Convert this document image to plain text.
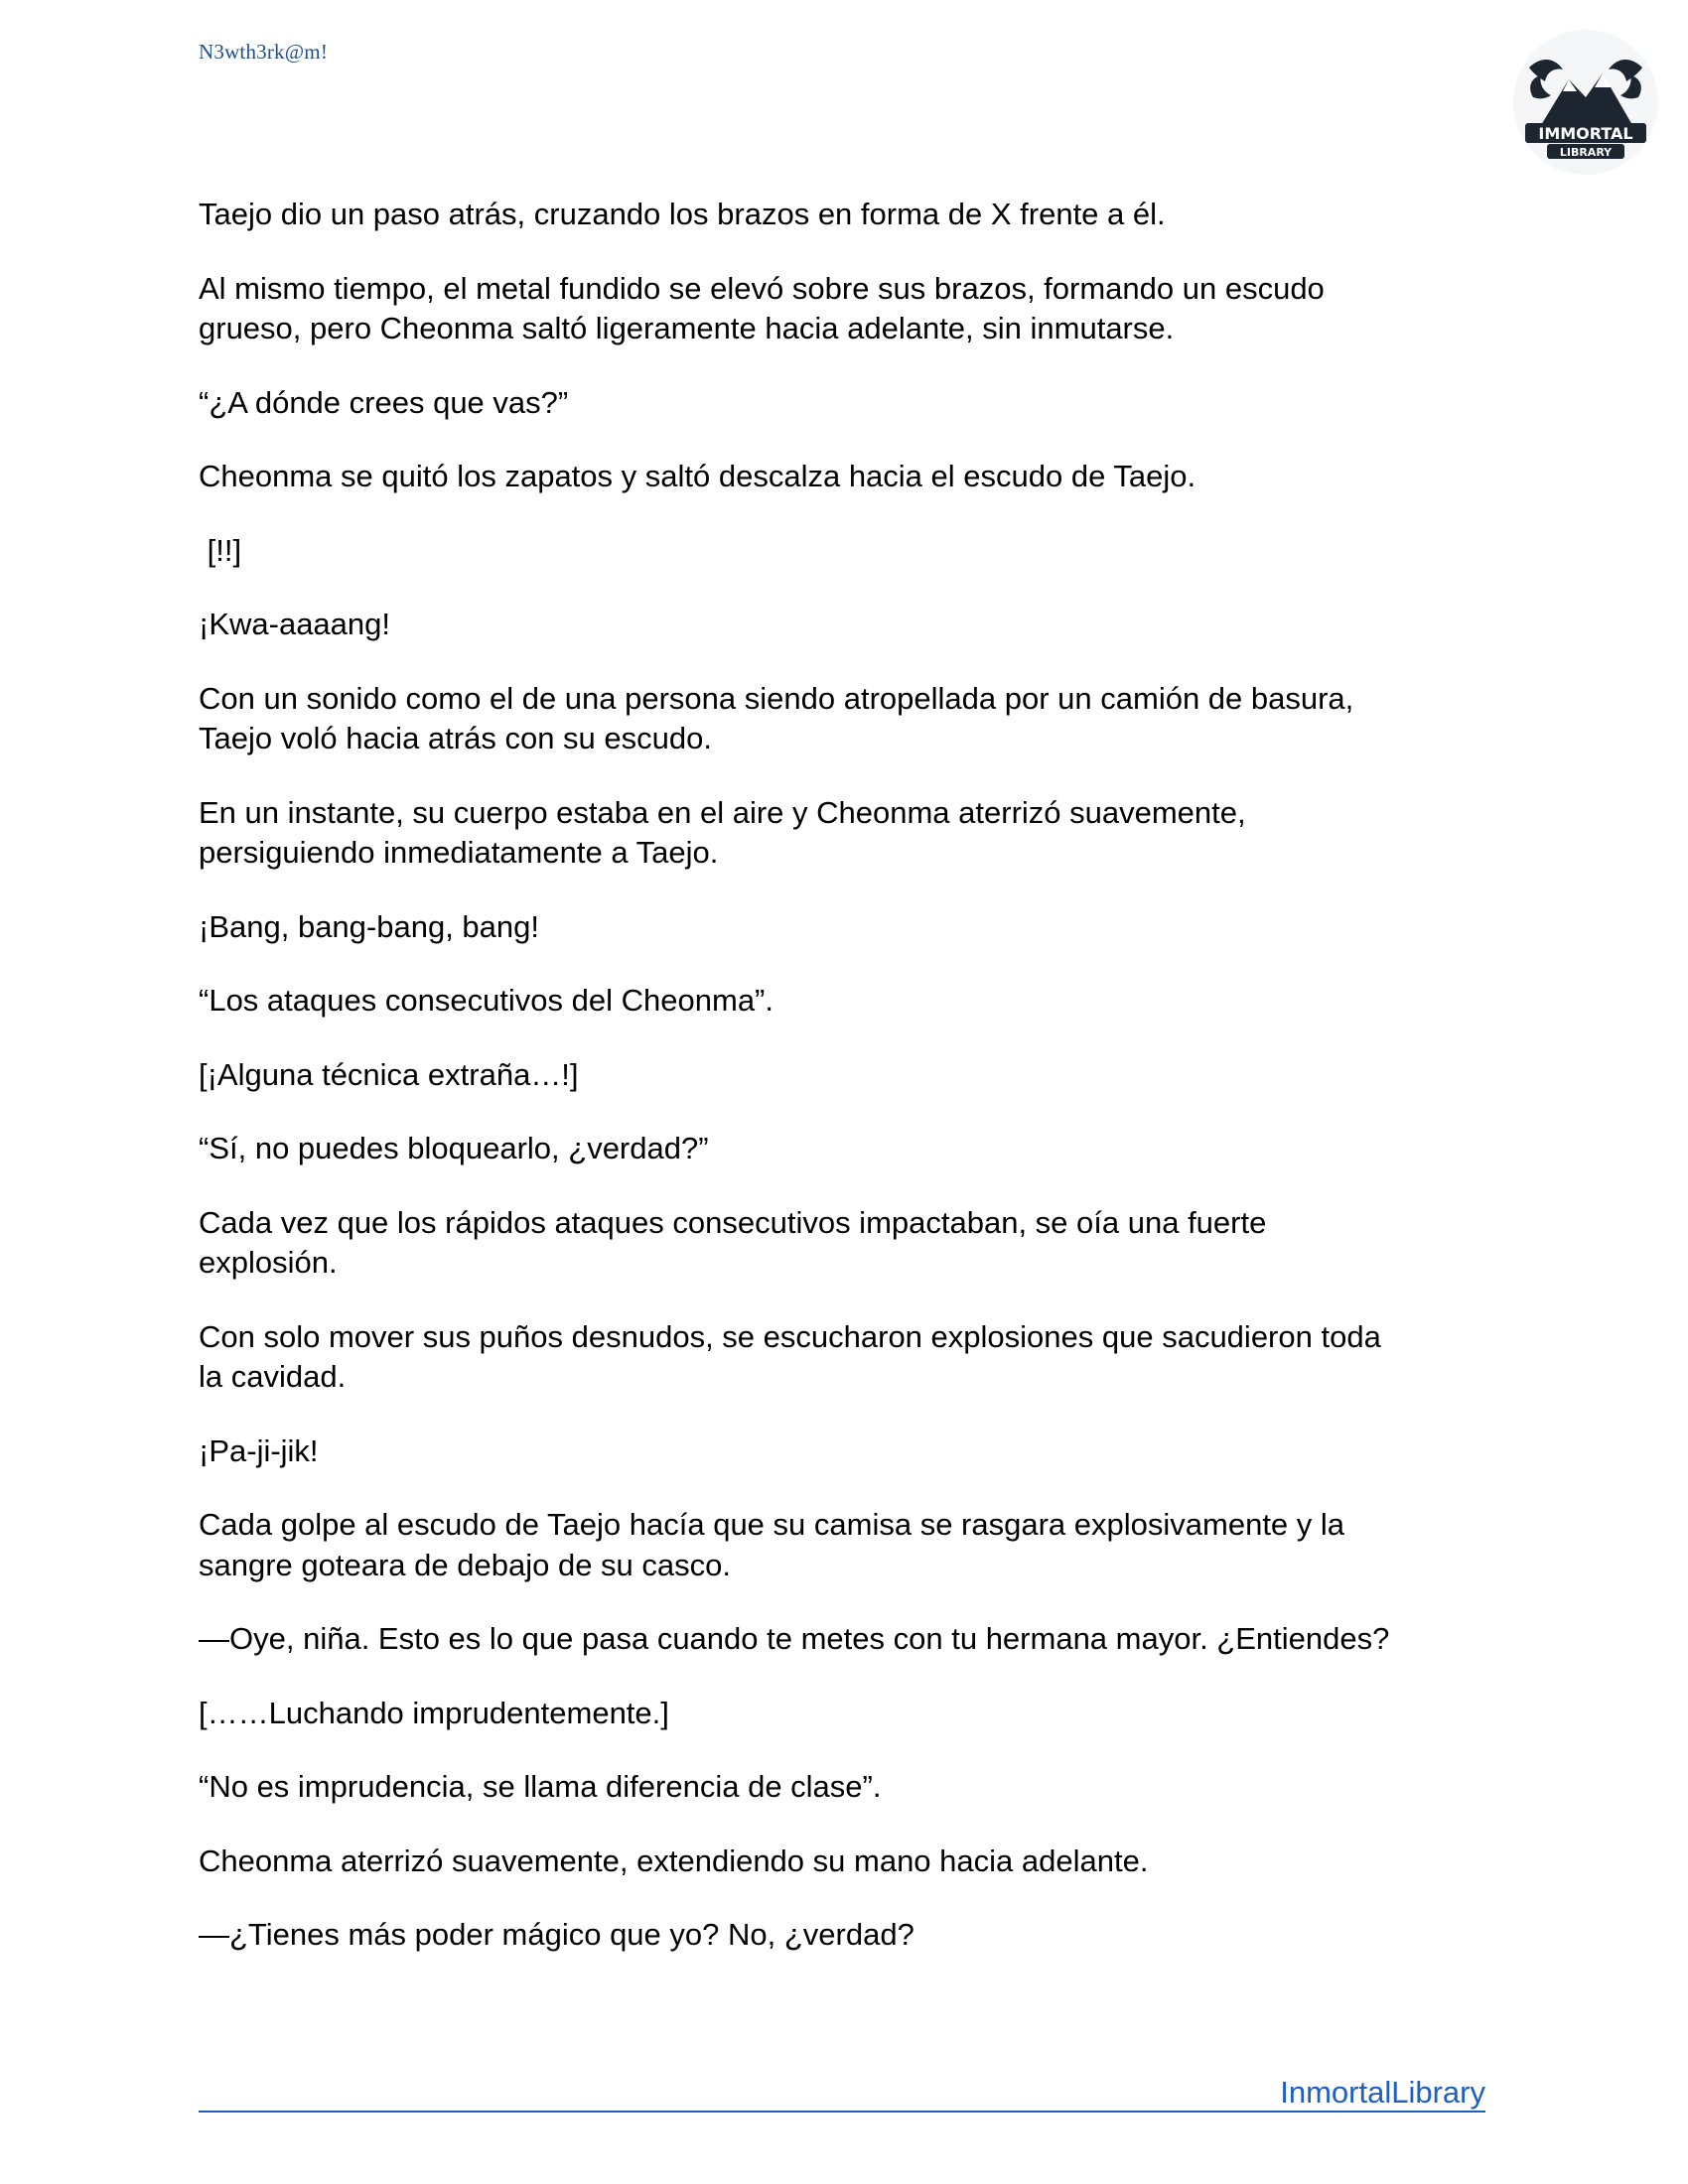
N3wth3rk@m!
IMMORTAL
LIBRARY

Taejo dio un paso atrás, cruzando los brazos en forma de X frente a él.

Al mismo tiempo, el metal fundido se elevó sobre sus brazos, formando un escudo
grueso, pero Cheonma saltó ligeramente hacia adelante, sin inmutarse.

“¿A dónde crees que vas?”

Cheonma se quitó los zapatos y saltó descalza hacia el escudo de Taejo.

[!!]

¡Kwa-aaaang!

Con un sonido como el de una persona siendo atropellada por un camión de basura,
Taejo voló hacia atrás con su escudo.

En un instante, su cuerpo estaba en el aire y Cheonma aterrizó suavemente,
persiguiendo inmediatamente a Taejo.

¡Bang, bang-bang, bang!

“Los ataques consecutivos del Cheonma”.

[¡Alguna técnica extraña…!]

“Sí, no puedes bloquearlo, ¿verdad?”

Cada vez que los rápidos ataques consecutivos impactaban, se oía una fuerte
explosión.

Con solo mover sus puños desnudos, se escucharon explosiones que sacudieron toda
la cavidad.

¡Pa-ji-jik!

Cada golpe al escudo de Taejo hacía que su camisa se rasgara explosivamente y la
sangre goteara de debajo de su casco.

—Oye, niña. Esto es lo que pasa cuando te metes con tu hermana mayor. ¿Entiendes?

[……Luchando imprudentemente.]

“No es imprudencia, se llama diferencia de clase”.

Cheonma aterrizó suavemente, extendiendo su mano hacia adelante.

—¿Tienes más poder mágico que yo? No, ¿verdad?

InmortalLibrary
